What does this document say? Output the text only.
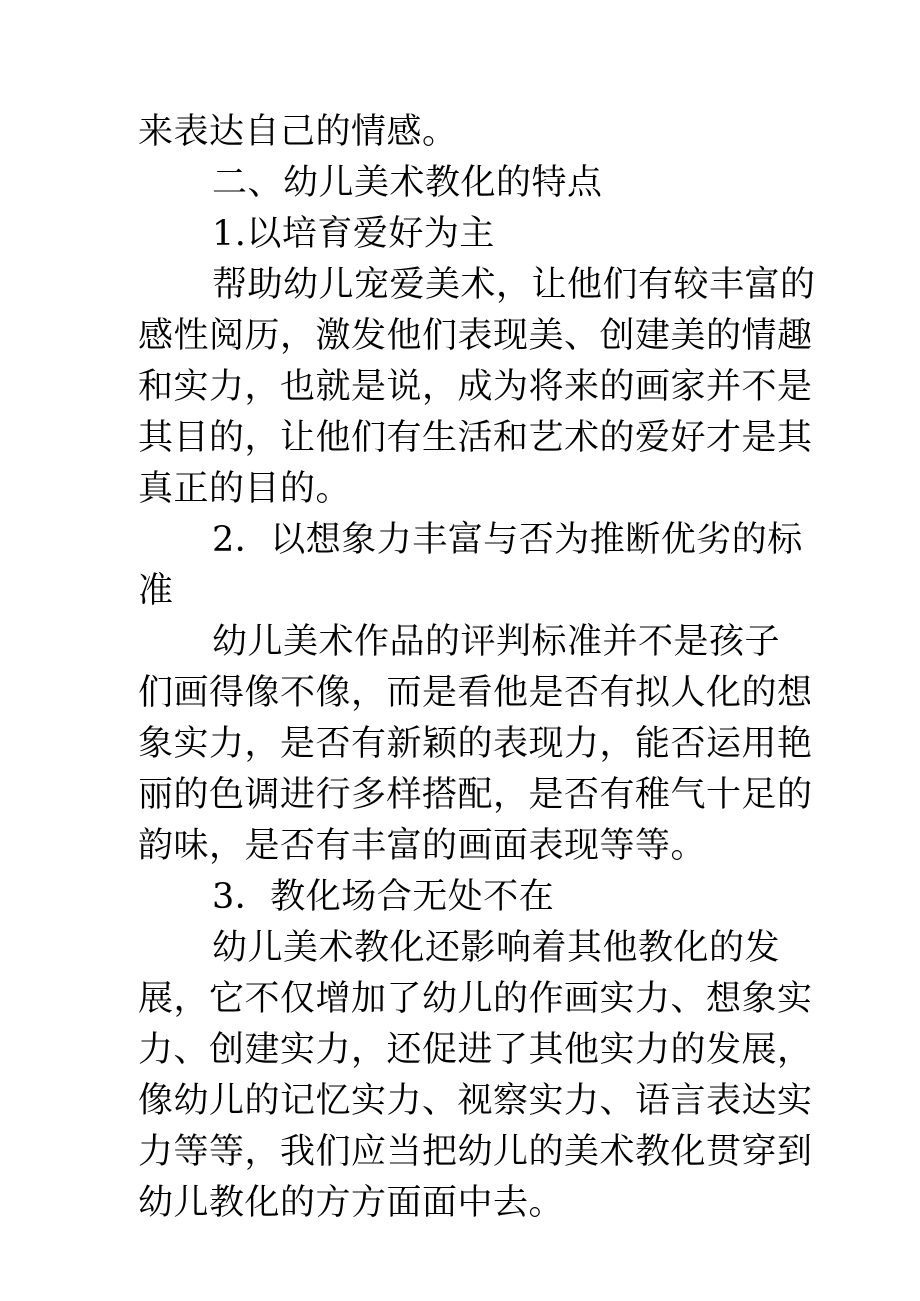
来表达自己的情感。
二、幼儿美术教化的特点
1.以培育爱好为主
帮助幼儿宠爱美术，让他们有较丰富的
感性阅历，激发他们表现美、创建美的情趣
和实力，也就是说，成为将来的画家并不是
其目的，让他们有生活和艺术的爱好才是其
真正的目的。
2．以想象力丰富与否为推断优劣的标
准
幼儿美术作品的评判标准并不是孩子
们画得像不像，而是看他是否有拟人化的想
象实力，是否有新颖的表现力，能否运用艳
丽的色调进行多样搭配，是否有稚气十足的
韵味，是否有丰富的画面表现等等。
3．教化场合无处不在
幼儿美术教化还影响着其他教化的发
展，它不仅增加了幼儿的作画实力、想象实
力、创建实力，还促进了其他实力的发展，
像幼儿的记忆实力、视察实力、语言表达实
力等等，我们应当把幼儿的美术教化贯穿到
幼儿教化的方方面面中去。
